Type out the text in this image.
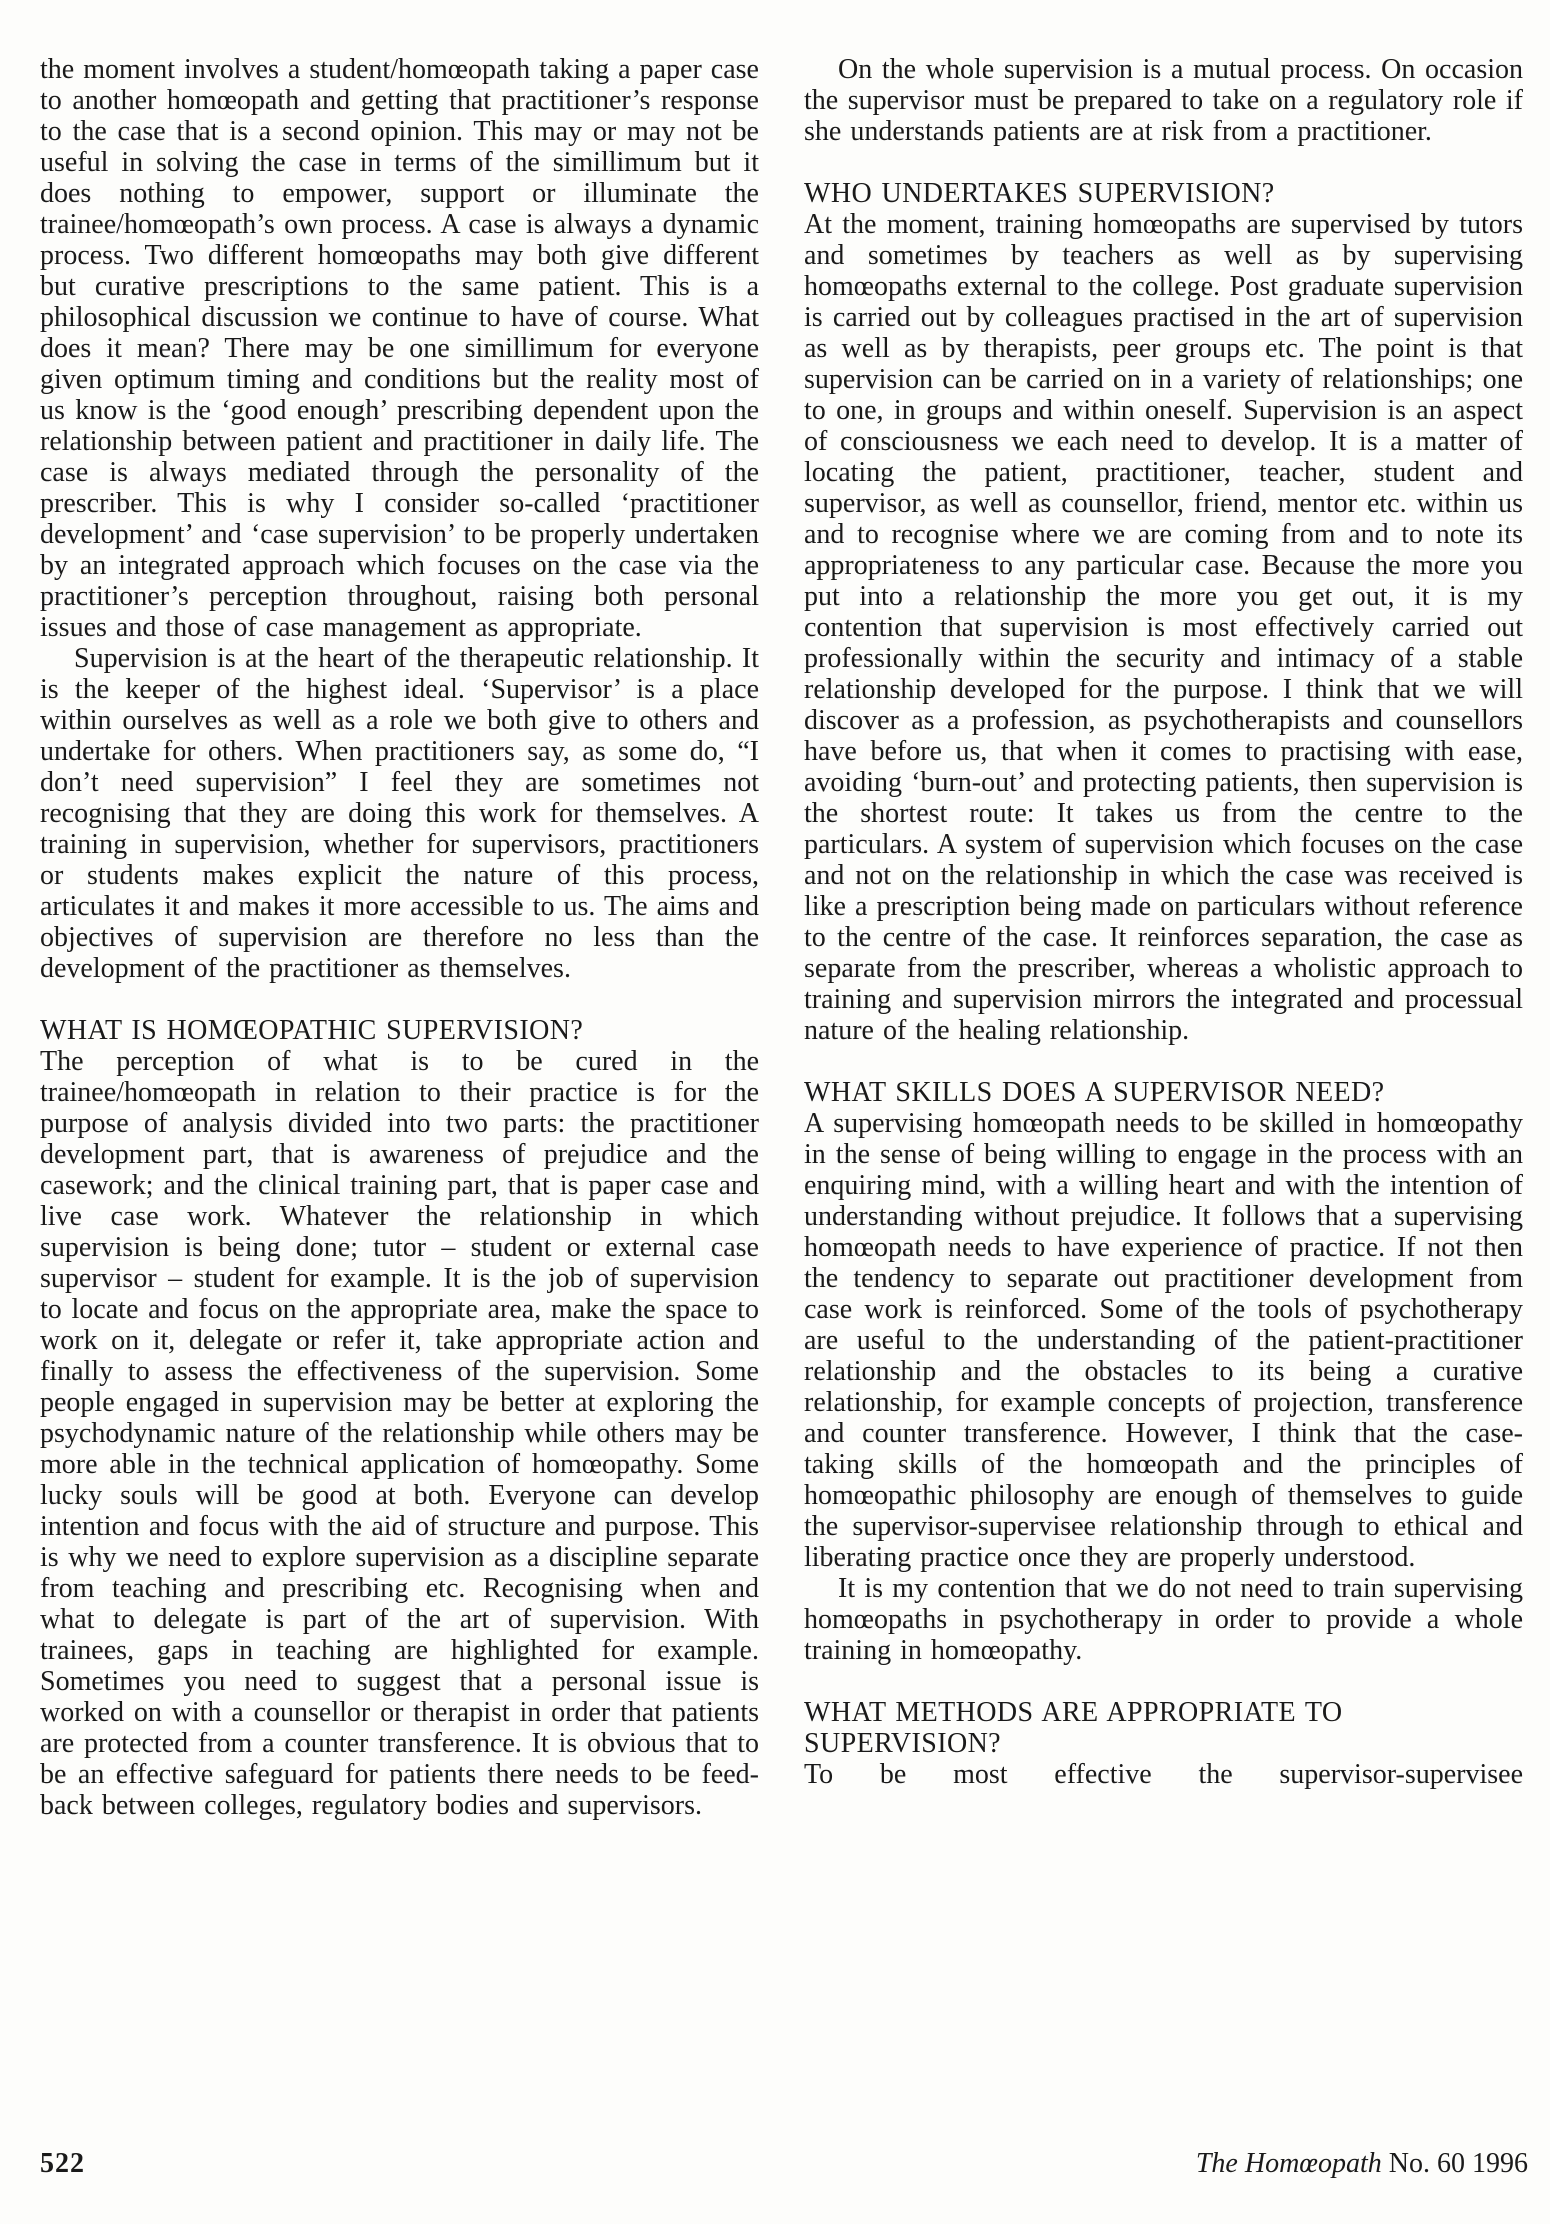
the moment involves a student/homœopath taking a paper case to another homœopath and getting that practitioner’s response to the case that is a second opinion. This may or may not be useful in solving the case in terms of the simillimum but it does nothing to empower, support or illuminate the trainee/homœopath’s own process. A case is always a dynamic process. Two different homœopaths may both give different but curative prescriptions to the same patient. This is a philosophical discussion we continue to have of course. What does it mean? There may be one simillimum for everyone given optimum timing and conditions but the reality most of us know is the ‘good enough’ prescribing dependent upon the relationship between patient and practitioner in daily life. The case is always mediated through the personality of the prescriber. This is why I consider so-called ‘practitioner development’ and ‘case supervision’ to be properly undertaken by an integrated approach which focuses on the case via the practitioner’s perception throughout, raising both personal issues and those of case management as appropriate.

Supervision is at the heart of the therapeutic relationship. It is the keeper of the highest ideal. ‘Supervisor’ is a place within ourselves as well as a role we both give to others and undertake for others. When practitioners say, as some do, “I don’t need supervision” I feel they are sometimes not recognising that they are doing this work for themselves. A training in supervision, whether for supervisors, practitioners or students makes explicit the nature of this process, articulates it and makes it more accessible to us. The aims and objectives of supervision are therefore no less than the development of the practitioner as themselves.

WHAT IS HOMŒOPATHIC SUPERVISION?

The perception of what is to be cured in the trainee/homœopath in relation to their practice is for the purpose of analysis divided into two parts: the practitioner development part, that is awareness of prejudice and the casework; and the clinical training part, that is paper case and live case work. Whatever the relationship in which supervision is being done; tutor – student or external case supervisor – student for example. It is the job of supervision to locate and focus on the appropriate area, make the space to work on it, delegate or refer it, take appropriate action and finally to assess the effectiveness of the supervision. Some people engaged in supervision may be better at exploring the psychodynamic nature of the relationship while others may be more able in the technical application of homœopathy. Some lucky souls will be good at both. Everyone can develop intention and focus with the aid of structure and purpose. This is why we need to explore supervision as a discipline separate from teaching and prescribing etc. Recognising when and what to delegate is part of the art of supervision. With trainees, gaps in teaching are highlighted for example. Sometimes you need to suggest that a personal issue is worked on with a counsellor or therapist in order that patients are protected from a counter transference. It is obvious that to be an effective safeguard for patients there needs to be feed-back between colleges, regulatory bodies and supervisors.

On the whole supervision is a mutual process. On occasion the supervisor must be prepared to take on a regulatory role if she understands patients are at risk from a practitioner.

WHO UNDERTAKES SUPERVISION?

At the moment, training homœopaths are supervised by tutors and sometimes by teachers as well as by supervising homœopaths external to the college. Post graduate supervision is carried out by colleagues practised in the art of supervision as well as by therapists, peer groups etc. The point is that supervision can be carried on in a variety of relationships; one to one, in groups and within oneself. Supervision is an aspect of consciousness we each need to develop. It is a matter of locating the patient, practitioner, teacher, student and supervisor, as well as counsellor, friend, mentor etc. within us and to recognise where we are coming from and to note its appropriateness to any particular case. Because the more you put into a relationship the more you get out, it is my contention that supervision is most effectively carried out professionally within the security and intimacy of a stable relationship developed for the purpose. I think that we will discover as a profession, as psychotherapists and counsellors have before us, that when it comes to practising with ease, avoiding ‘burn-out’ and protecting patients, then supervision is the shortest route: It takes us from the centre to the particulars. A system of supervision which focuses on the case and not on the relationship in which the case was received is like a prescription being made on particulars without reference to the centre of the case. It reinforces separation, the case as separate from the prescriber, whereas a wholistic approach to training and supervision mirrors the integrated and processual nature of the healing relationship.

WHAT SKILLS DOES A SUPERVISOR NEED?

A supervising homœopath needs to be skilled in homœopathy in the sense of being willing to engage in the process with an enquiring mind, with a willing heart and with the intention of understanding without prejudice. It follows that a supervising homœopath needs to have experience of practice. If not then the tendency to separate out practitioner development from case work is reinforced. Some of the tools of psychotherapy are useful to the understanding of the patient-practitioner relationship and the obstacles to its being a curative relationship, for example concepts of projection, transference and counter transference. However, I think that the case-taking skills of the homœopath and the principles of homœopathic philosophy are enough of themselves to guide the supervisor-supervisee relationship through to ethical and liberating practice once they are properly understood.

It is my contention that we do not need to train supervising homœopaths in psychotherapy in order to provide a whole training in homœopathy.

WHAT METHODS ARE APPROPRIATE TO SUPERVISION?

To be most effective the supervisor-supervisee

522	The Homœopath No. 60 1996
